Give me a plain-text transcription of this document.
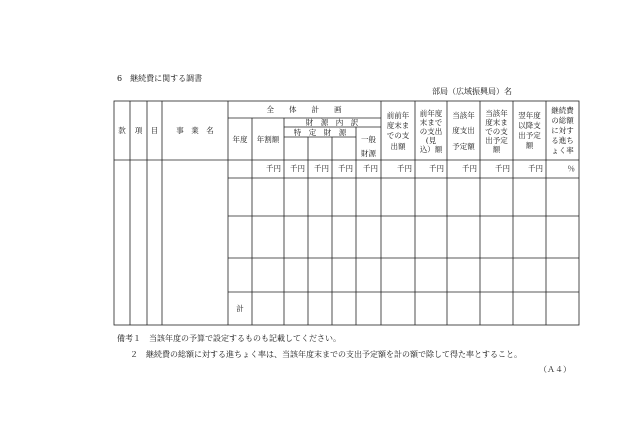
6　継続費に関する調書
部局（広域振興局）名
款 項 目 事　業　名
全　　体　　計　　画
年度 年割額
財　源　内　訳
特　定　財　源
一般
財源
前前年
度末ま
での支
出額
前年度
末まで
の支出
(見
込）額
当該年
度支出
予定額
当該年
度末ま
での支
出予定
額
翌年度
以降支
出予定
額
継続費
の総額
に対す
る進ち
ょく率
千円 千円 千円 千円 千円	千円 千円 千円 千円 千円	％
計
備考１　当該年度の予算で設定するものも記載してください。
２　継続費の総額に対する進ちょく率は、当該年度末までの支出予定額を計の額で除して得た率とすること。
（Ａ４）
